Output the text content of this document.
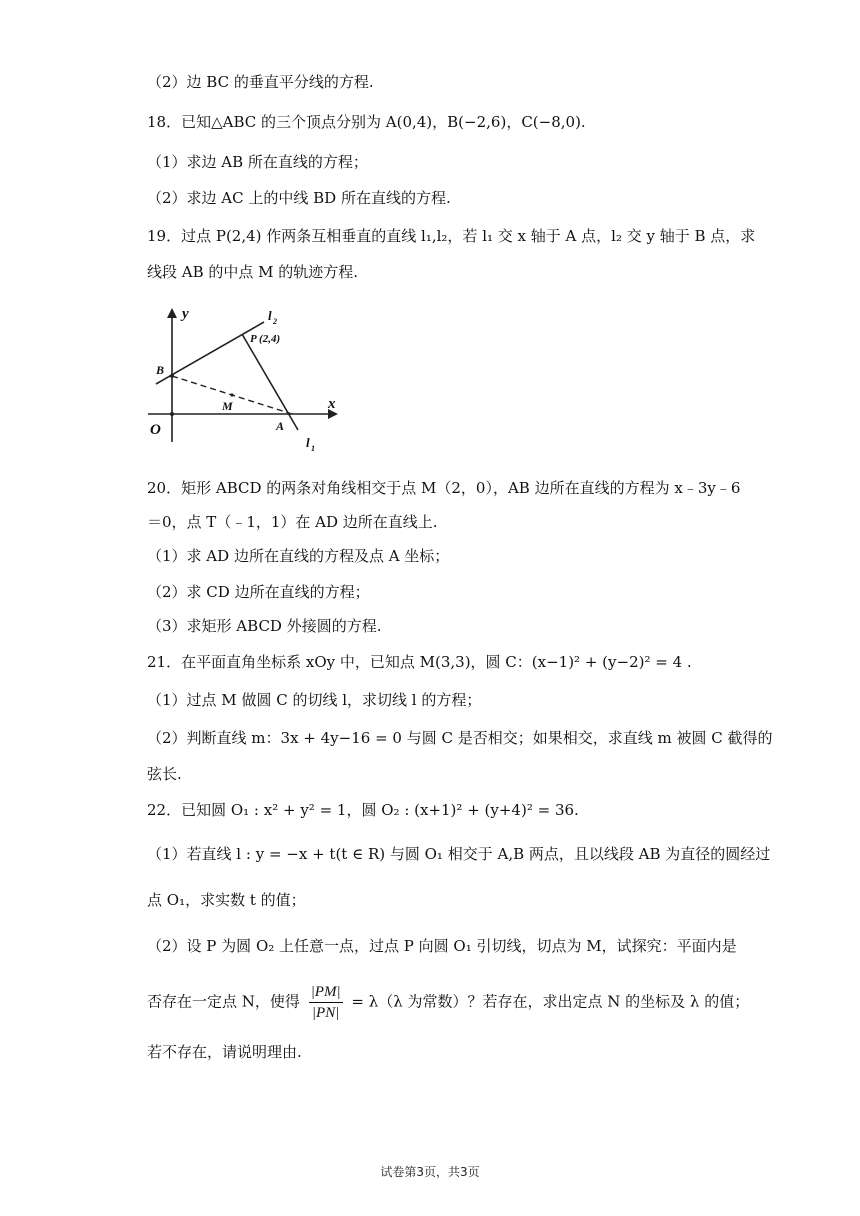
（2）边 BC 的垂直平分线的方程.
18．已知△ABC 的三个顶点分别为 A(0,4)，B(−2,6)，C(−8,0).
（1）求边 AB 所在直线的方程；
（2）求边 AC 上的中线 BD 所在直线的方程.
19．过点 P(2,4) 作两条互相垂直的直线 l₁,l₂，若 l₁ 交 x 轴于 A 点，l₂ 交 y 轴于 B 点，求
线段 AB 的中点 M 的轨迹方程.
y
x
O
B
A
M
P (2,4)
l 2
l 1
20．矩形 ABCD 的两条对角线相交于点 M（2，0），AB 边所在直线的方程为 x﹣3y﹣6
＝0，点 T（﹣1，1）在 AD 边所在直线上.
（1）求 AD 边所在直线的方程及点 A 坐标；
（2）求 CD 边所在直线的方程；
（3）求矩形 ABCD 外接圆的方程.
21．在平面直角坐标系 xOy 中，已知点 M(3,3)，圆 C：(x−1)² + (y−2)² = 4 .
（1）过点 M 做圆 C 的切线 l，求切线 l 的方程；
（2）判断直线 m：3x + 4y−16 = 0 与圆 C 是否相交；如果相交，求直线 m 被圆 C 截得的
弦长.
22．已知圆 O₁ : x² + y² = 1，圆 O₂ : (x+1)² + (y+4)² = 36.
（1）若直线 l : y = −x + t(t ∈ R) 与圆 O₁ 相交于 A,B 两点，且以线段 AB 为直径的圆经过
点 O₁，求实数 t 的值；
（2）设 P 为圆 O₂ 上任意一点，过点 P 向圆 O₁ 引切线，切点为 M，试探究：平面内是
否存在一定点 N，使得 $\frac{|PM|}{|PN|} = \lambda(\lambda$ 为常数）？若存在，求出定点 N 的坐标及 λ 的值；
若不存在，请说明理由.
试卷第3页，共3页
